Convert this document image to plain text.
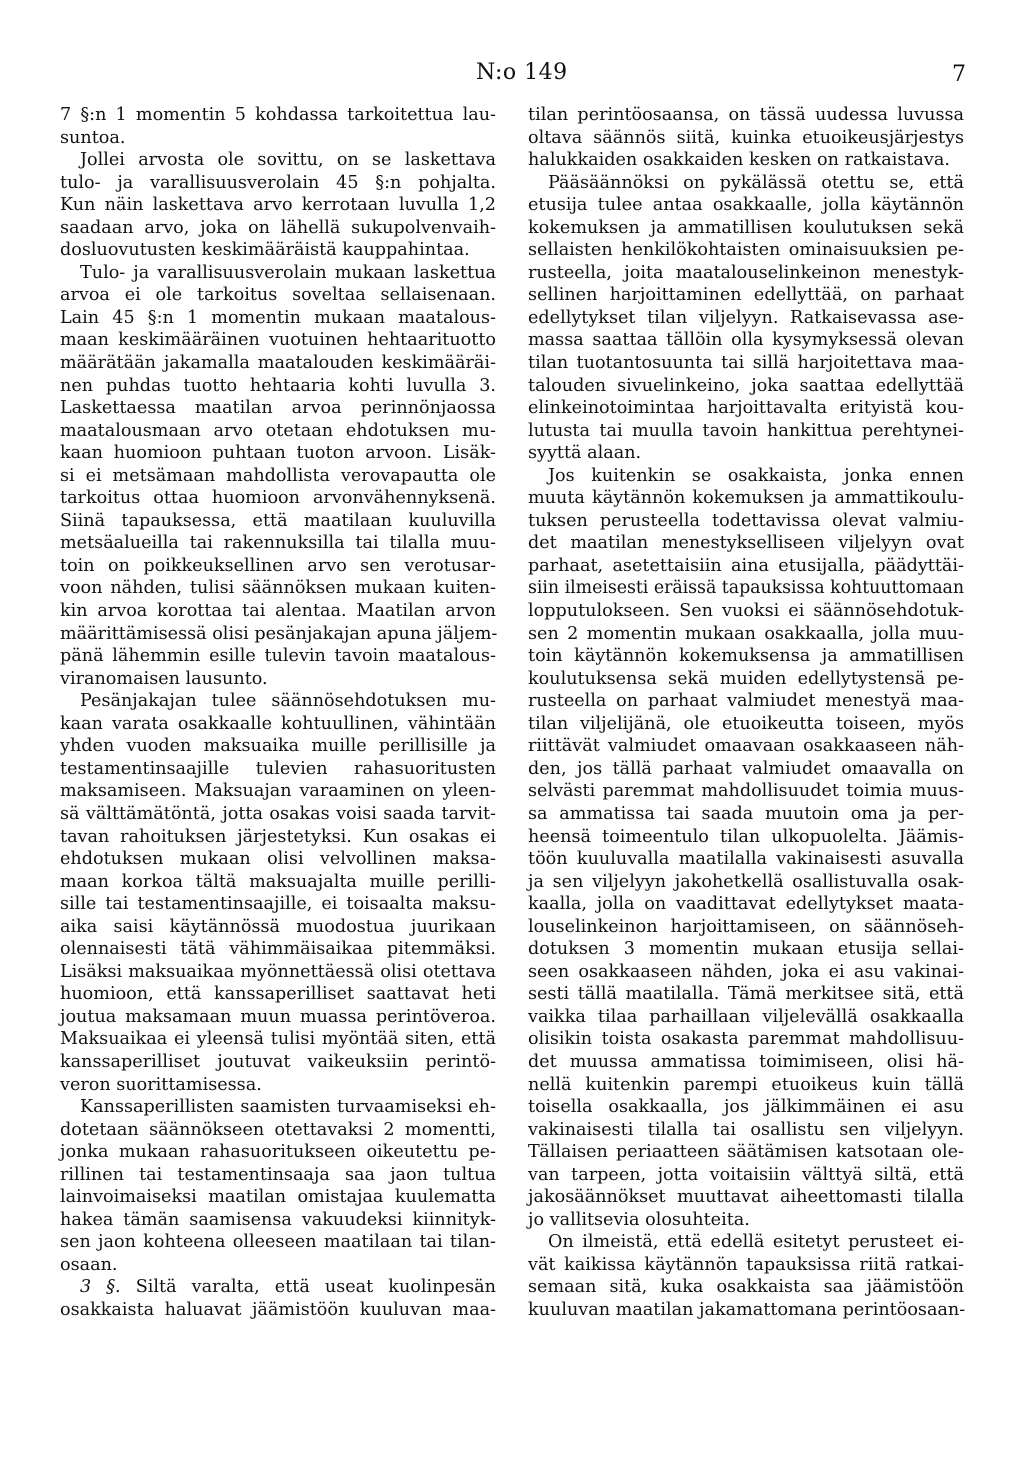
N:o 149	7
7 §:n 1 momentin 5 kohdassa tarkoitettua lau-
suntoa.
Jollei arvosta ole sovittu, on se laskettava
tulo- ja varallisuusverolain 45 §:n pohjalta.
Kun näin laskettava arvo kerrotaan luvulla 1,2
saadaan arvo, joka on lähellä sukupolvenvaih-
dosluovutusten keskimääräistä kauppahintaa.
Tulo- ja varallisuusverolain mukaan laskettua
arvoa ei ole tarkoitus soveltaa sellaisenaan.
Lain 45 §:n 1 momentin mukaan maatalous-
maan keskimääräinen vuotuinen hehtaarituotto
määrätään jakamalla maatalouden keskimääräi-
nen puhdas tuotto hehtaaria kohti luvulla 3.
Laskettaessa maatilan arvoa perinnönjaossa
maatalousmaan arvo otetaan ehdotuksen mu-
kaan huomioon puhtaan tuoton arvoon. Lisäk-
si ei metsämaan mahdollista verovapautta ole
tarkoitus ottaa huomioon arvonvähennyksenä.
Siinä tapauksessa, että maatilaan kuuluvilla
metsäalueilla tai rakennuksilla tai tilalla muu-
toin on poikkeuksellinen arvo sen verotusar-
voon nähden, tulisi säännöksen mukaan kuiten-
kin arvoa korottaa tai alentaa. Maatilan arvon
määrittämisessä olisi pesänjakajan apuna jäljem-
pänä lähemmin esille tulevin tavoin maatalous-
viranomaisen lausunto.
Pesänjakajan tulee säännösehdotuksen mu-
kaan varata osakkaalle kohtuullinen, vähintään
yhden vuoden maksuaika muille perillisille ja
testamentinsaajille tulevien rahasuoritusten
maksamiseen. Maksuajan varaaminen on yleen-
sä välttämätöntä, jotta osakas voisi saada tarvit-
tavan rahoituksen järjestetyksi. Kun osakas ei
ehdotuksen mukaan olisi velvollinen maksa-
maan korkoa tältä maksuajalta muille perilli-
sille tai testamentinsaajille, ei toisaalta maksu-
aika saisi käytännössä muodostua juurikaan
olennaisesti tätä vähimmäisaikaa pitemmäksi.
Lisäksi maksuaikaa myönnettäessä olisi otettava
huomioon, että kanssaperilliset saattavat heti
joutua maksamaan muun muassa perintöveroa.
Maksuaikaa ei yleensä tulisi myöntää siten, että
kanssaperilliset joutuvat vaikeuksiin perintö-
veron suorittamisessa.
Kanssaperillisten saamisten turvaamiseksi eh-
dotetaan säännökseen otettavaksi 2 momentti,
jonka mukaan rahasuoritukseen oikeutettu pe-
rillinen tai testamentinsaaja saa jaon tultua
lainvoimaiseksi maatilan omistajaa kuulematta
hakea tämän saamisensa vakuudeksi kiinnityk-
sen jaon kohteena olleeseen maatilaan tai tilan-
osaan.
3 §. Siltä varalta, että useat kuolinpesän
osakkaista haluavat jäämistöön kuuluvan maa-
tilan perintöosaansa, on tässä uudessa luvussa
oltava säännös siitä, kuinka etuoikeusjärjestys
halukkaiden osakkaiden kesken on ratkaistava.
Pääsäännöksi on pykälässä otettu se, että
etusija tulee antaa osakkaalle, jolla käytännön
kokemuksen ja ammatillisen koulutuksen sekä
sellaisten henkilökohtaisten ominaisuuksien pe-
rusteella, joita maatalouselinkeinon menestyk-
sellinen harjoittaminen edellyttää, on parhaat
edellytykset tilan viljelyyn. Ratkaisevassa ase-
massa saattaa tällöin olla kysymyksessä olevan
tilan tuotantosuunta tai sillä harjoitettava maa-
talouden sivuelinkeino, joka saattaa edellyttää
elinkeinotoimintaa harjoittavalta erityistä kou-
lutusta tai muulla tavoin hankittua perehtynei-
syyttä alaan.
Jos kuitenkin se osakkaista, jonka ennen
muuta käytännön kokemuksen ja ammattikoulu-
tuksen perusteella todettavissa olevat valmiu-
det maatilan menestykselliseen viljelyyn ovat
parhaat, asetettaisiin aina etusijalla, päädyttäi-
siin ilmeisesti eräissä tapauksissa kohtuuttomaan
lopputulokseen. Sen vuoksi ei säännösehdotuk-
sen 2 momentin mukaan osakkaalla, jolla muu-
toin käytännön kokemuksensa ja ammatillisen
koulutuksensa sekä muiden edellytystensä pe-
rusteella on parhaat valmiudet menestyä maa-
tilan viljelijänä, ole etuoikeutta toiseen, myös
riittävät valmiudet omaavaan osakkaaseen näh-
den, jos tällä parhaat valmiudet omaavalla on
selvästi paremmat mahdollisuudet toimia muus-
sa ammatissa tai saada muutoin oma ja per-
heensä toimeentulo tilan ulkopuolelta. Jäämis-
töön kuuluvalla maatilalla vakinaisesti asuvalla
ja sen viljelyyn jakohetkellä osallistuvalla osak-
kaalla, jolla on vaadittavat edellytykset maata-
louselinkeinon harjoittamiseen, on säännöseh-
dotuksen 3 momentin mukaan etusija sellai-
seen osakkaaseen nähden, joka ei asu vakinai-
sesti tällä maatilalla. Tämä merkitsee sitä, että
vaikka tilaa parhaillaan viljelevällä osakkaalla
olisikin toista osakasta paremmat mahdollisuu-
det muussa ammatissa toimimiseen, olisi hä-
nellä kuitenkin parempi etuoikeus kuin tällä
toisella osakkaalla, jos jälkimmäinen ei asu
vakinaisesti tilalla tai osallistu sen viljelyyn.
Tällaisen periaatteen säätämisen katsotaan ole-
van tarpeen, jotta voitaisiin välttyä siltä, että
jakosäännökset muuttavat aiheettomasti tilalla
jo vallitsevia olosuhteita.
On ilmeistä, että edellä esitetyt perusteet ei-
vät kaikissa käytännön tapauksissa riitä ratkai-
semaan sitä, kuka osakkaista saa jäämistöön
kuuluvan maatilan jakamattomana perintöosaan-
